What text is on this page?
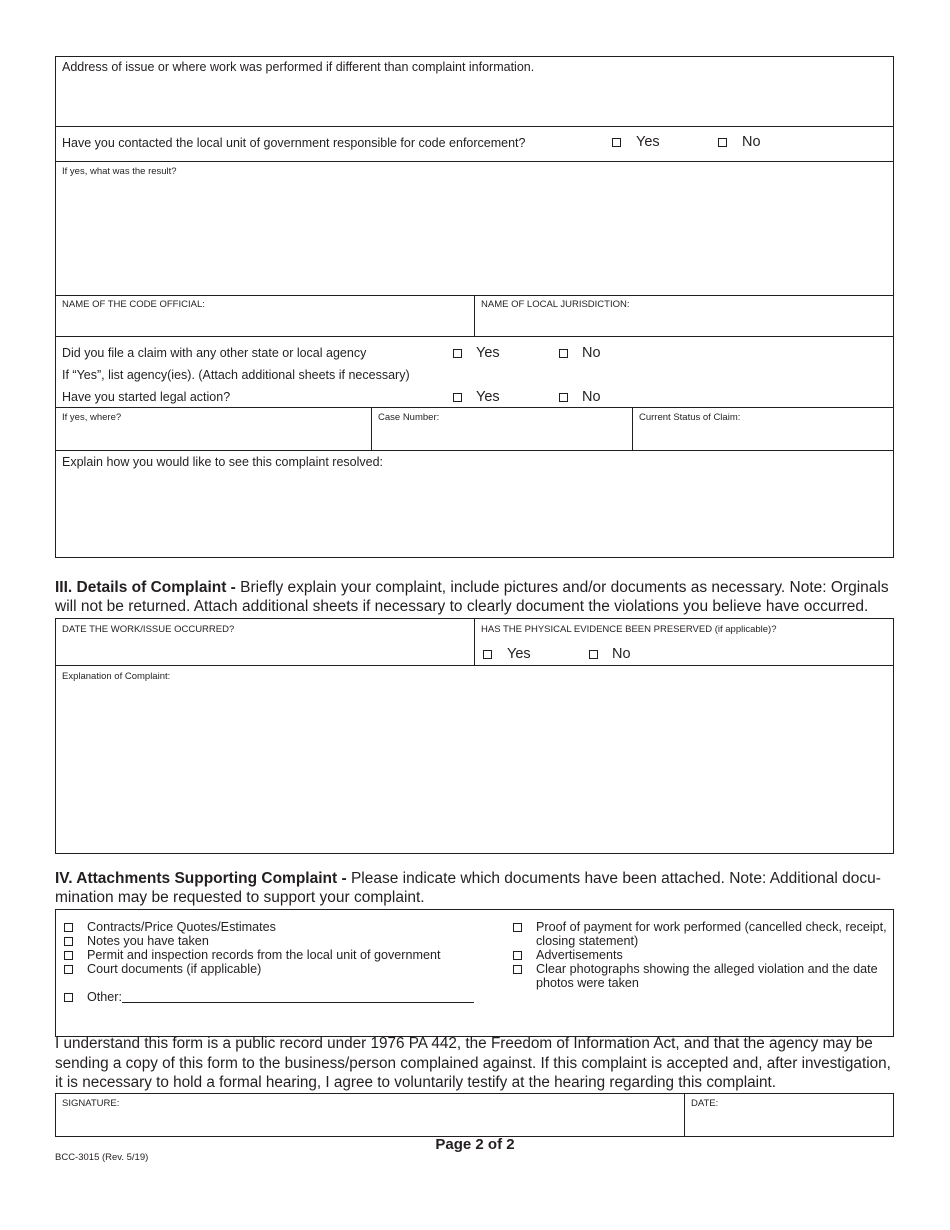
Address of issue or where work was performed if different than complaint information.
Have you contacted the local unit of government responsible for code enforcement?	Yes	No
If yes, what was the result?
NAME OF THE CODE OFFICIAL:	NAME OF LOCAL JURISDICTION:
Did you file a claim with any other state or local agency	Yes	No
If “Yes”, list agency(ies). (Attach additional sheets if necessary)
Have you started legal action?	Yes	No
If yes, where?	Case Number:	Current Status of Claim:
Explain how you would like to see this complaint resolved:
III. Details of Complaint - Briefly explain your complaint, include pictures and/or documents as necessary. Note: Orginals
will not be returned. Attach additional sheets if necessary to clearly document the violations you believe have occurred.
DATE THE WORK/ISSUE OCCURRED?	HAS THE PHYSICAL EVIDENCE BEEN PRESERVED (if applicable)?
Yes	No
Explanation of Complaint:
IV. Attachments Supporting Complaint - Please indicate which documents have been attached. Note: Additional docu-
mination may be requested to support your complaint.
Contracts/Price Quotes/Estimates
Notes you have taken
Permit and inspection records from the local unit of government
Court documents (if applicable)
Other:
Proof of payment for work performed (cancelled check, receipt,
closing statement)
Advertisements
Clear photographs showing the alleged violation and the date
photos were taken
I understand this form is a public record under 1976 PA 442, the Freedom of Information Act, and that the agency may be
sending a copy of this form to the business/person complained against. If this complaint is accepted and, after investigation,
it is necessary to hold a formal hearing, I agree to voluntarily testify at the hearing regarding this complaint.
SIGNATURE:	DATE:
Page 2 of 2
BCC-3015 (Rev. 5/19)
